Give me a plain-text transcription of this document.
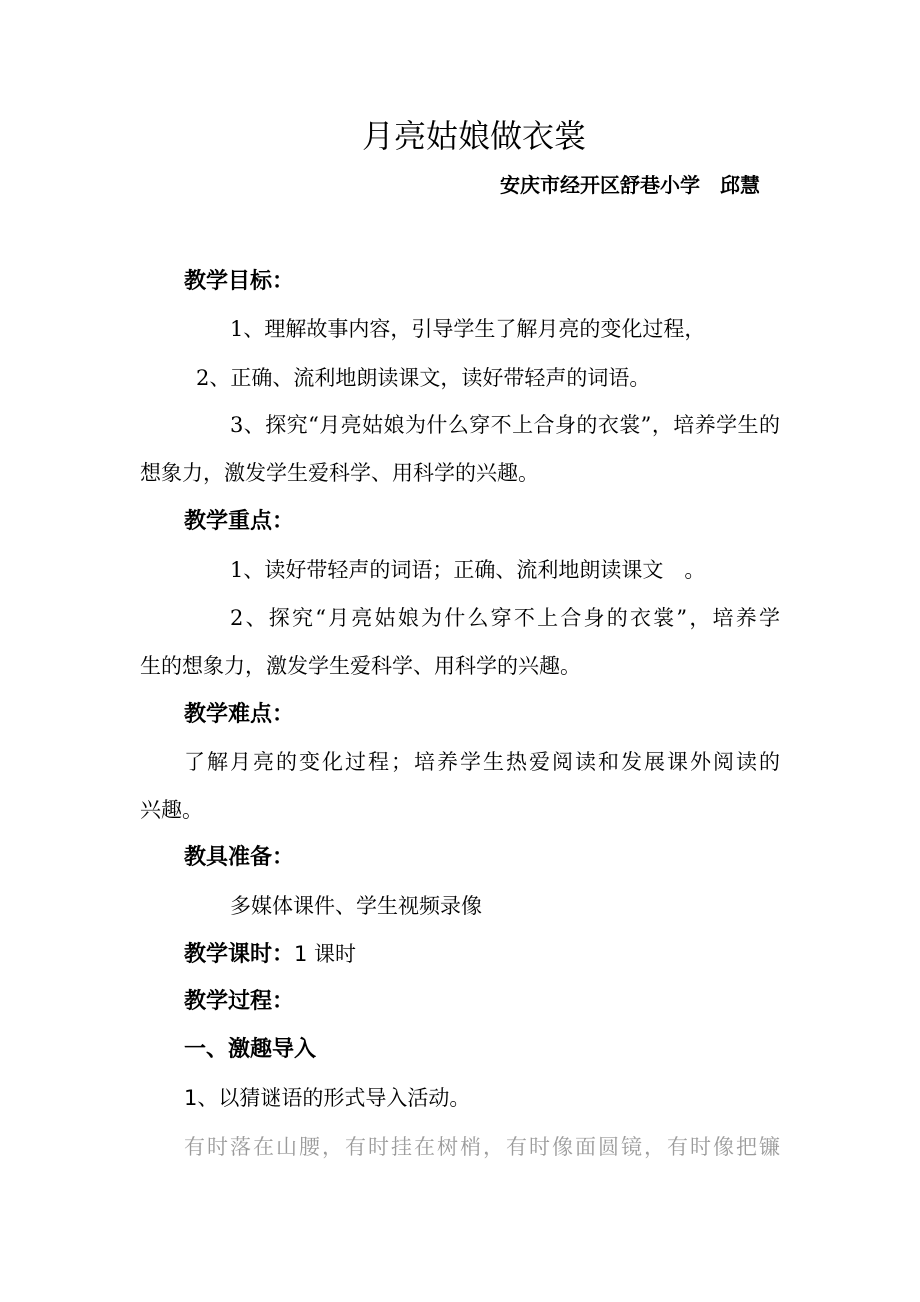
月亮姑娘做衣裳
安庆市经开区舒巷小学　邱慧
教学目标：
1、理解故事内容，引导学生了解月亮的变化过程，
2、正确、流利地朗读课文，读好带轻声的词语。
3、探究“月亮姑娘为什么穿不上合身的衣裳”，培养学生的
想象力，激发学生爱科学、用科学的兴趣。
教学重点：
1、读好带轻声的词语；正确、流利地朗读课文　。
2、探究“月亮姑娘为什么穿不上合身的衣裳”，培养学
生的想象力，激发学生爱科学、用科学的兴趣。
教学难点：
了解月亮的变化过程；培养学生热爱阅读和发展课外阅读的
兴趣。
教具准备：
多媒体课件、学生视频录像
教学课时：1 课时
教学过程：
一、激趣导入
1、以猜谜语的形式导入活动。
有时落在山腰，有时挂在树梢，有时像面圆镜，有时像把镰
